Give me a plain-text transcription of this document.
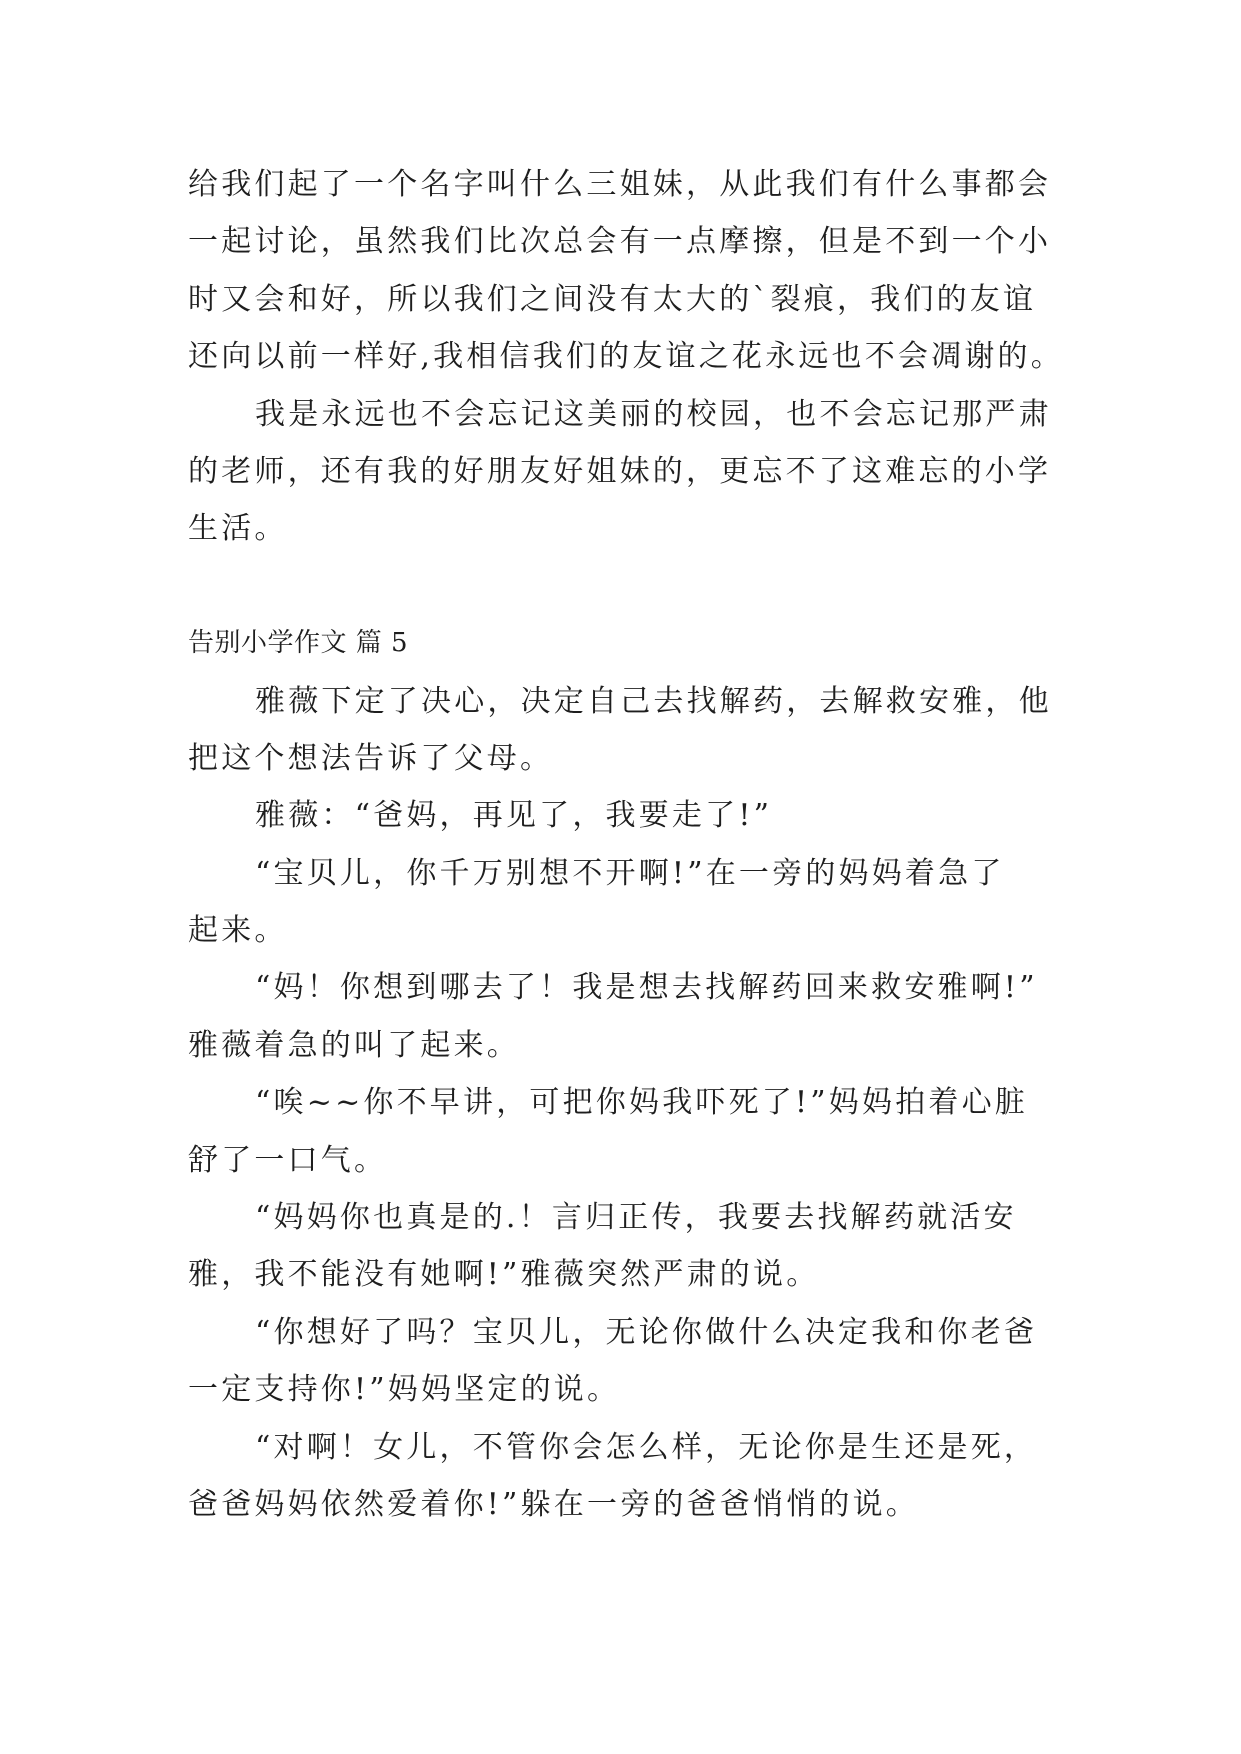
给我们起了一个名字叫什么三姐妹，从此我们有什么事都会
一起讨论，虽然我们比次总会有一点摩擦，但是不到一个小
时又会和好，所以我们之间没有太大的`裂痕，我们的友谊
还向以前一样好,我相信我们的友谊之花永远也不会凋谢的。
我是永远也不会忘记这美丽的校园，也不会忘记那严肃
的老师，还有我的好朋友好姐妹的，更忘不了这难忘的小学
生活。
告别小学作文 篇 5
雅薇下定了决心，决定自己去找解药，去解救安雅，他
把这个想法告诉了父母。
雅薇：“爸妈，再见了，我要走了!”
“宝贝儿，你千万别想不开啊!”在一旁的妈妈着急了
起来。
“妈！你想到哪去了！我是想去找解药回来救安雅啊!”
雅薇着急的叫了起来。
“唉~~你不早讲，可把你妈我吓死了!”妈妈拍着心脏
舒了一口气。
“妈妈你也真是的.！言归正传，我要去找解药就活安
雅，我不能没有她啊!”雅薇突然严肃的说。
“你想好了吗？宝贝儿，无论你做什么决定我和你老爸
一定支持你!”妈妈坚定的说。
“对啊！女儿，不管你会怎么样，无论你是生还是死，
爸爸妈妈依然爱着你!”躲在一旁的爸爸悄悄的说。
